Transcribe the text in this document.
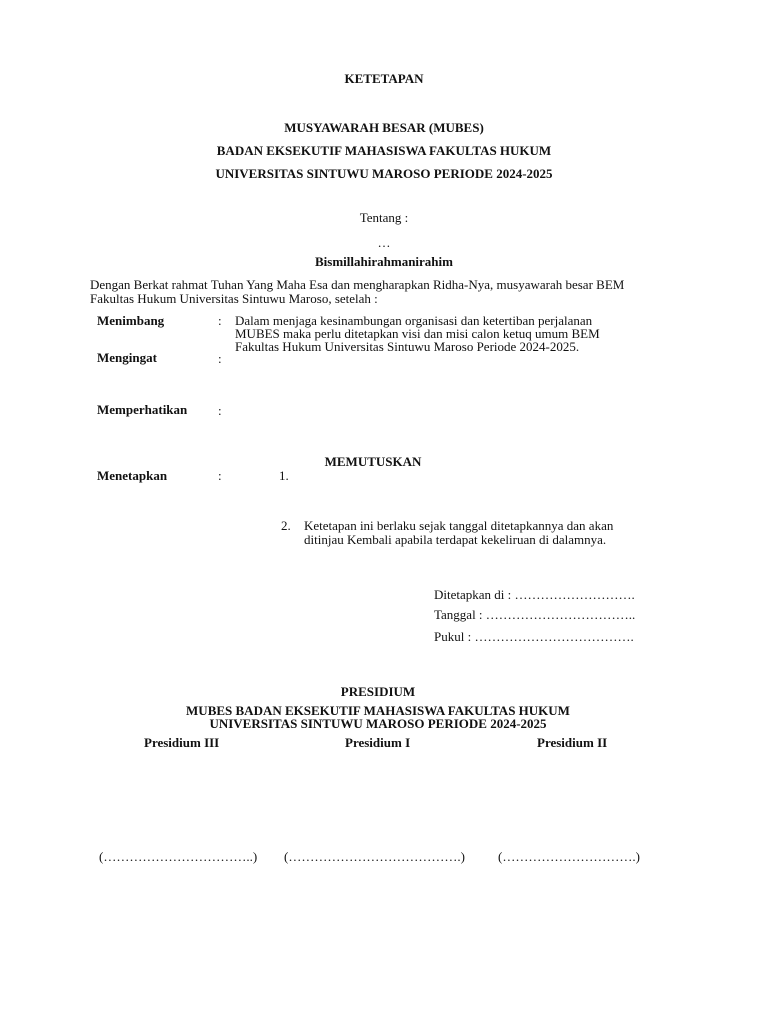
KETETAPAN
MUSYAWARAH BESAR (MUBES)
BADAN EKSEKUTIF MAHASISWA FAKULTAS HUKUM
UNIVERSITAS SINTUWU MAROSO PERIODE 2024-2025
Tentang :
…
Bismillahirahmanirahim
Dengan Berkat rahmat Tuhan Yang Maha Esa dan mengharapkan Ridha-Nya, musyawarah besar BEM
Fakultas Hukum Universitas Sintuwu Maroso, setelah :
Menimbang	: Dalam menjaga kesinambungan organisasi dan ketertiban perjalanan
MUBES maka perlu ditetapkan visi dan misi calon ketuq umum BEM
Fakultas Hukum Universitas Sintuwu Maroso Periode 2024-2025.
Mengingat	:
Memperhatikan :
MEMUTUSKAN
Menetapkan	:	1.
2. Ketetapan ini berlaku sejak tanggal ditetapkannya dan akan
ditinjau Kembali apabila terdapat kekeliruan di dalamnya.
Ditetapkan di : ……………………….
Tanggal : ……………………………..
Pukul : ……………………………….
PRESIDIUM
MUBES BADAN EKSEKUTIF MAHASISWA FAKULTAS HUKUM
UNIVERSITAS SINTUWU MAROSO PERIODE 2024-2025
Presidium III	Presidium I	Presidium II
(……………………………..) (………………………………….)	(………………………….)
